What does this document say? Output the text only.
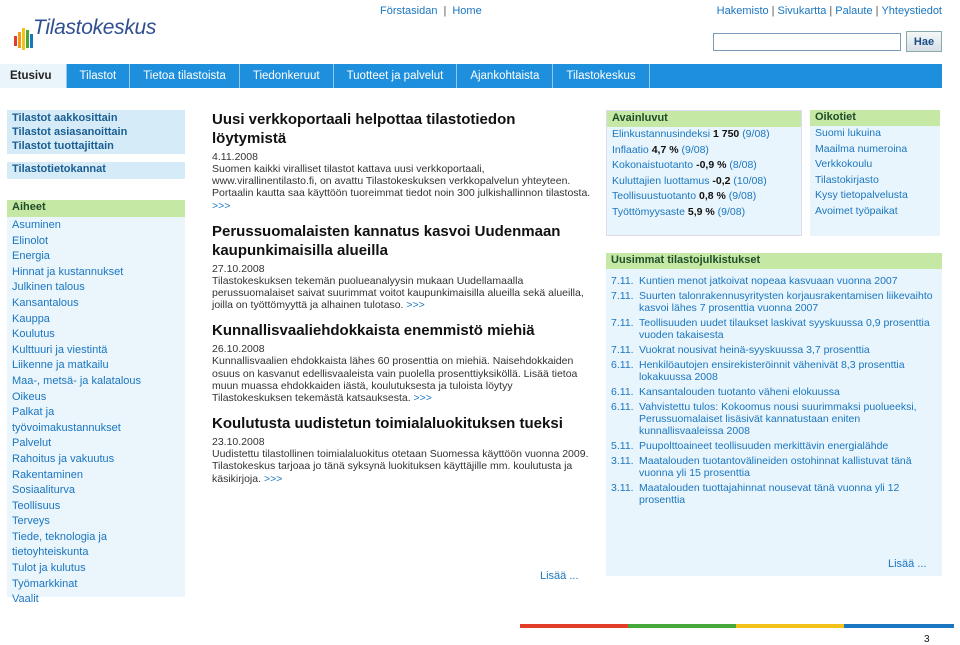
Tilastokeskus
Förstasidan | Home	Hakemisto | Sivukartta | Palaute | Yhteystiedot
Hae
Etusivu	Tilastot	Tietoa tilastoista	Tiedonkeruut	Tuotteet ja palvelut	Ajankohtaista	Tilastokeskus
Tilastot aakkosittain
Tilastot asiasanoittain
Tilastot tuottajittain
Tilastotietokannat
Aiheet
Asuminen
Elinolot
Energia
Hinnat ja kustannukset
Julkinen talous
Kansantalous
Kauppa
Koulutus
Kulttuuri ja viestintä
Liikenne ja matkailu
Maa-, metsä- ja kalatalous
Oikeus
Palkat ja
työvoimakustannukset
Palvelut
Rahoitus ja vakuutus
Rakentaminen
Sosiaaliturva
Teollisuus
Terveys
Tiede, teknologia ja
tietoyhteiskunta
Tulot ja kulutus
Työmarkkinat
Vaalit
Uusi verkkoportaali helpottaa tilastotiedon löytymistä
4.11.2008

Suomen kaikki viralliset tilastot kattava uusi verkkoportaali, www.virallinentilasto.fi, on avattu Tilastokeskuksen verkkopalvelun yhteyteen. Portaalin kautta saa käyttöön tuoreimmat tiedot noin 300 julkishallinnon tilastosta. >>>

Perussuomalaisten kannatus kasvoi Uudenmaan kaupunkimaisilla alueilla
27.10.2008

Tilastokeskuksen tekemän puolueanalyysin mukaan Uudellamaalla perussuomalaiset saivat suurimmat voitot kaupunkimaisilla alueilla sekä alueilla, joilla on työttömyyttä ja alhainen tulotaso. >>>

Kunnallisvaaliehdokkaista enemmistö miehiä
26.10.2008

Kunnallisvaalien ehdokkaista lähes 60 prosenttia on miehiä. Naisehdokkaiden osuus on kasvanut edellisvaaleista vain puolella prosenttiyksiköllä. Lisää tietoa muun muassa ehdokkaiden iästä, koulutuksesta ja tuloista löytyy Tilastokeskuksen tekemästä katsauksesta. >>>

Koulutusta uudistetun toimialaluokituksen tueksi
23.10.2008

Uudistettu tilastollinen toimialaluokitus otetaan Suomessa käyttöön vuonna 2009. Tilastokeskus tarjoaa jo tänä syksynä luokituksen käyttäjille mm. koulutusta ja käsikirjoja. >>>

Lisää ...
Avainluvut
Elinkustannusindeksi 1 750 (9/08)
Inflaatio 4,7 % (9/08)
Kokonaistuotanto -0,9 % (8/08)
Kuluttajien luottamus -0,2 (10/08)
Teollisuustuotanto 0,8 % (9/08)
Työttömyysaste 5,9 % (9/08)
Oikotiet
Suomi lukuina
Maailma numeroina
Verkkokoulu
Tilastokirjasto
Kysy tietopalvelusta
Avoimet työpaikat
Uusimmat tilastojulkistukset
7.11. Kuntien menot jatkoivat nopeaa kasvuaan vuonna 2007
7.11. Suurten talonrakennusyritysten korjausrakentamisen liikevaihto kasvoi lähes 7 prosenttia vuonna 2007
7.11. Teollisuuden uudet tilaukset laskivat syyskuussa 0,9 prosenttia vuoden takaisesta
7.11. Vuokrat nousivat heinä-syyskuussa 3,7 prosenttia
6.11. Henkilöautojen ensirekisteröinnit vähenivät 8,3 prosenttia lokakuussa 2008
6.11. Kansantalouden tuotanto väheni elokuussa
6.11. Vahvistettu tulos: Kokoomus nousi suurimmaksi puolueeksi, Perussuomalaiset lisäsivät kannatustaan eniten kunnallisvaaleissa 2008
5.11. Puupolttoaineet teollisuuden merkittävin energialähde
3.11. Maatalouden tuotantovälineiden ostohinnat kallistuvat tänä vuonna yli 15 prosenttia
3.11. Maatalouden tuottajahinnat nousevat tänä vuonna yli 12 prosenttia
Lisää ...
3
